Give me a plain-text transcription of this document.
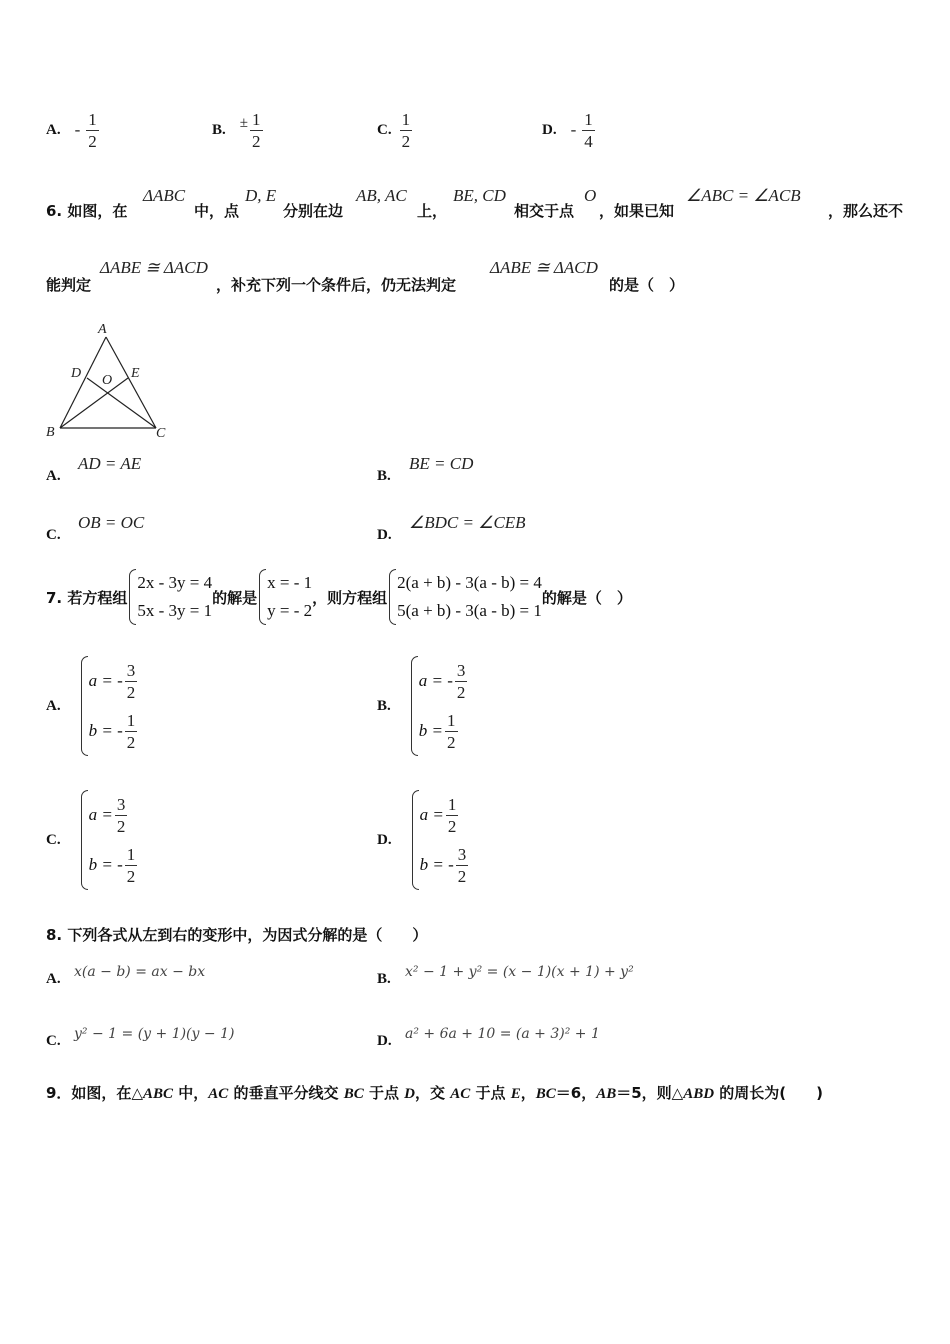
A. - $\frac{1}{2}$	B. ± $\frac{1}{2}$	C. $\frac{1}{2}$	D. - $\frac{1}{4}$
6. 如图，在
ΔABC
中，点
D, E
分别在边
AB, AC
上，
BE, CD
相交于点
O
，如果已知
∠ABC = ∠ACB
，那么还不
能判定
ΔABE ≅ ΔACD
，补充下列一个条件后，仍无法判定
ΔABE ≅ ΔACD
的是（　）
A
D	E
O
B	C
A.
AD = AE
B.
BE = CD
C.
OB = OC
D.
∠BDC = ∠CEB
7. 若方程组
2x - 3y = 4
5x - 3y = 1
的解是
x = - 1
y = - 2
，则方程组
2(a + b) - 3(a - b) = 4
5(a + b) - 3(a - b) = 1
的解是（　）
A.
a = - $\frac{3}{2}$
b = - $\frac{1}{2}$
B.
a = - $\frac{3}{2}$
$b = \frac{1}{2}$
C.
$a = \frac{3}{2}$
b = - $\frac{1}{2}$
D.
$a = \frac{1}{2}$
b = - $\frac{3}{2}$
8. 下列各式从左到右的变形中，为因式分解的是（　　）
A. x(a − b) = ax − bx	B. x² − 1 + y² = (x − 1)(x + 1) + y²
C. y² − 1 = (y + 1)(y − 1)	D. a² + 6a + 10 = (a + 3)² + 1
9．如图，在△ABC 中，AC 的垂直平分线交 BC 于点 D，交 AC 于点 E，BC＝6，AB＝5，则△ABD 的周长为(　　)
